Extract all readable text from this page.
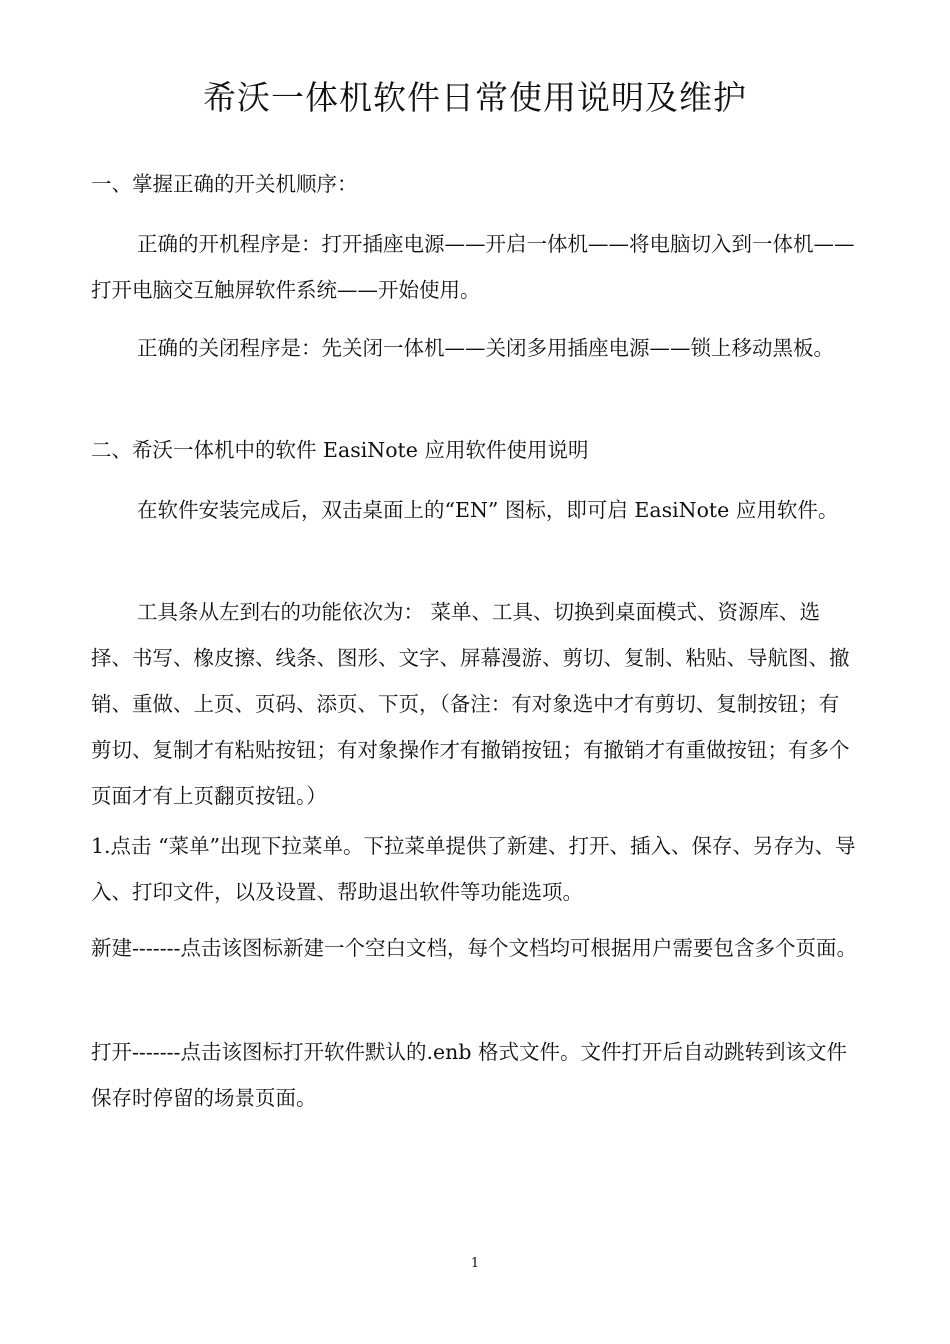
希沃一体机软件日常使用说明及维护

一、掌握正确的开关机顺序：

正确的开机程序是：打开插座电源——开启一体机——将电脑切入到一体机——打开电脑交互触屏软件系统——开始使用。

正确的关闭程序是：先关闭一体机——关闭多用插座电源——锁上移动黑板。

二、希沃一体机中的软件 EasiNote 应用软件使用说明

在软件安装完成后，双击桌面上的“EN” 图标，即可启 EasiNote 应用软件。

工具条从左到右的功能依次为： 菜单、工具、切换到桌面模式、资源库、选择、书写、橡皮擦、线条、图形、文字、屏幕漫游、剪切、复制、粘贴、导航图、撤销、重做、上页、页码、添页、下页，（备注：有对象选中才有剪切、复制按钮；有剪切、复制才有粘贴按钮；有对象操作才有撤销按钮；有撤销才有重做按钮；有多个页面才有上页翻页按钮。）

1.点击 “菜单”出现下拉菜单。下拉菜单提供了新建、打开、插入、保存、另存为、导入、打印文件，以及设置、帮助退出软件等功能选项。

新建-------点击该图标新建一个空白文档，每个文档均可根据用户需要包含多个页面。

打开-------点击该图标打开软件默认的.enb 格式文件。文件打开后自动跳转到该文件保存时停留的场景页面。

1
